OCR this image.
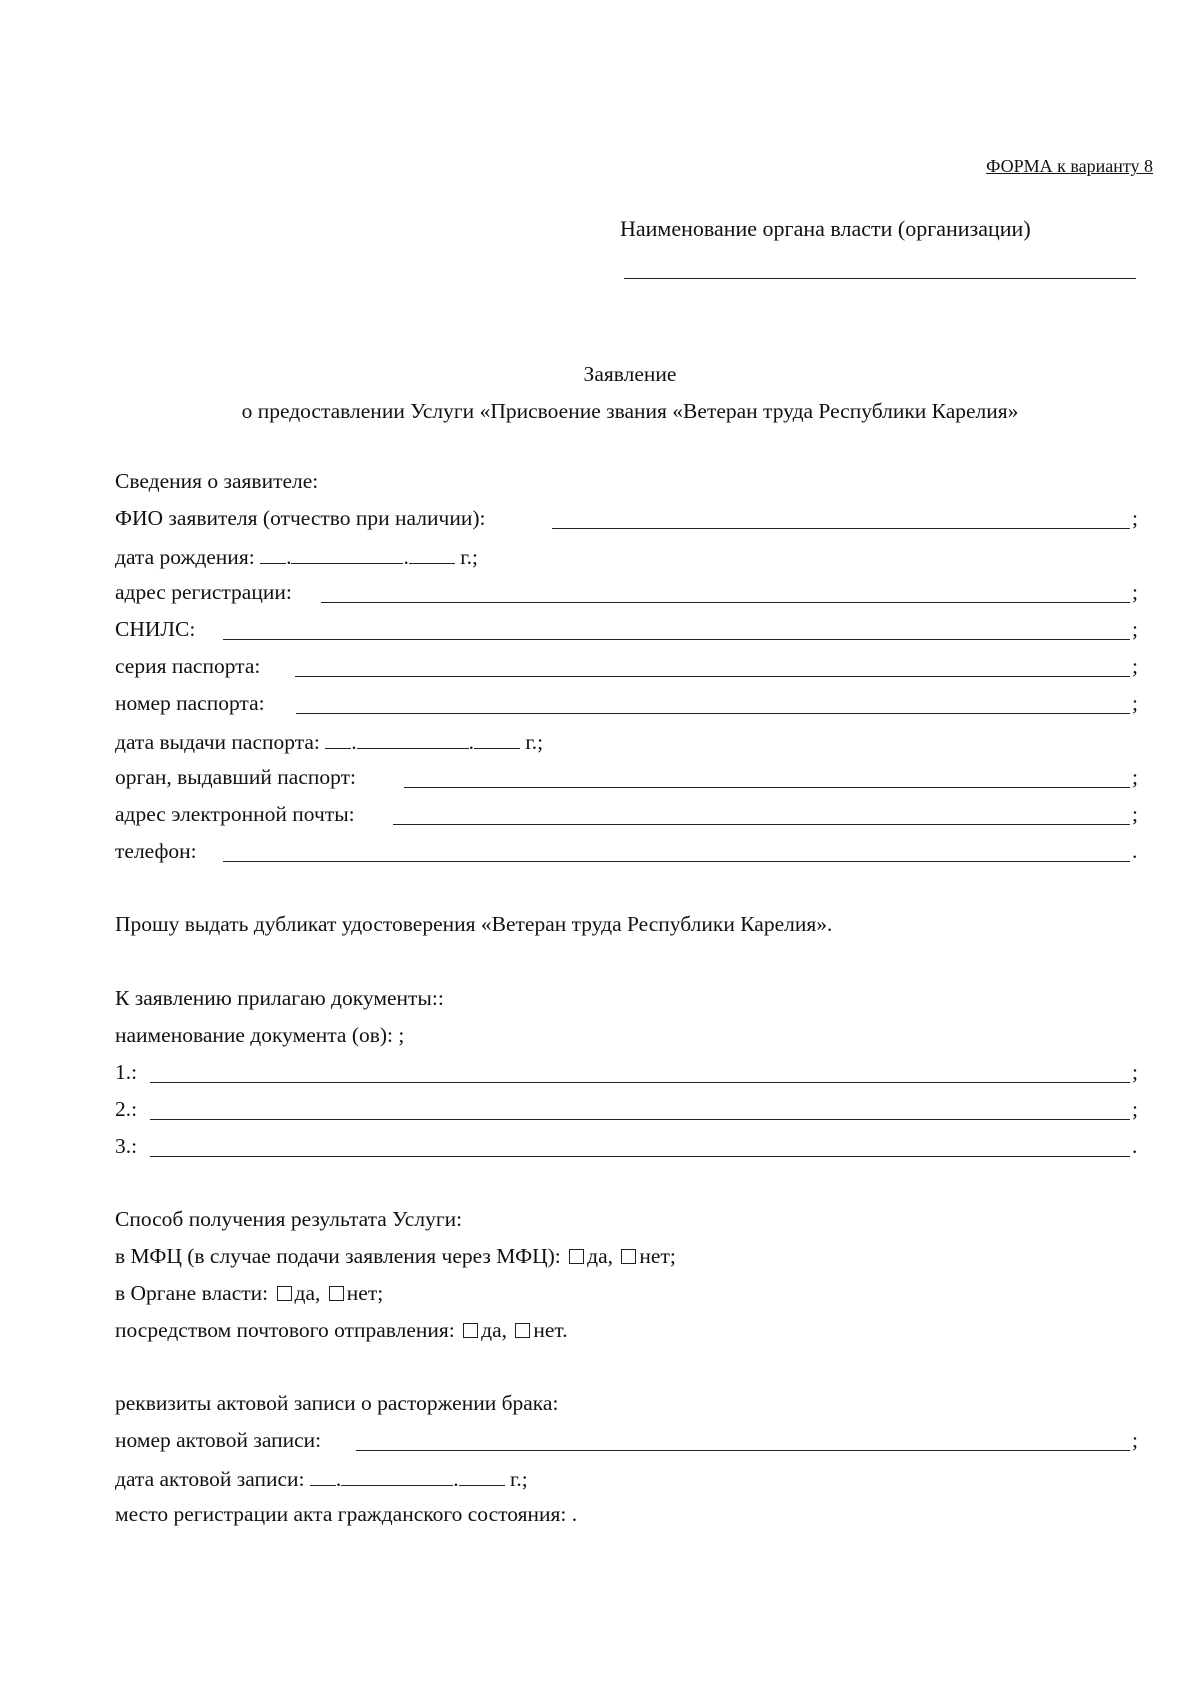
ФОРМА к варианту 8
Наименование органа власти (организации)
Заявление
о предоставлении Услуги «Присвоение звания «Ветеран труда Республики Карелия»
Сведения о заявителе:
ФИО заявителя (отчество при наличии):	;
дата рождения: .	. г.;
адрес регистрации:	;
СНИЛС:	;
серия паспорта:	;
номер паспорта:	;
дата выдачи паспорта: .	. г.;
орган, выдавший паспорт:	;
адрес электронной почты:	;
телефон:	.
Прошу выдать дубликат удостоверения «Ветеран труда Республики Карелия».
К заявлению прилагаю документы::
наименование документа (ов): ;
1.:	;
2.:	;
3.:	.
Способ получения результата Услуги:
в МФЦ (в случае подачи заявления через МФЦ): да, нет;
в Органе власти: да, нет;
посредством почтового отправления: да, нет.
реквизиты актовой записи о расторжении брака:
номер актовой записи:	;
дата актовой записи: .	. г.;
место регистрации акта гражданского состояния: .
